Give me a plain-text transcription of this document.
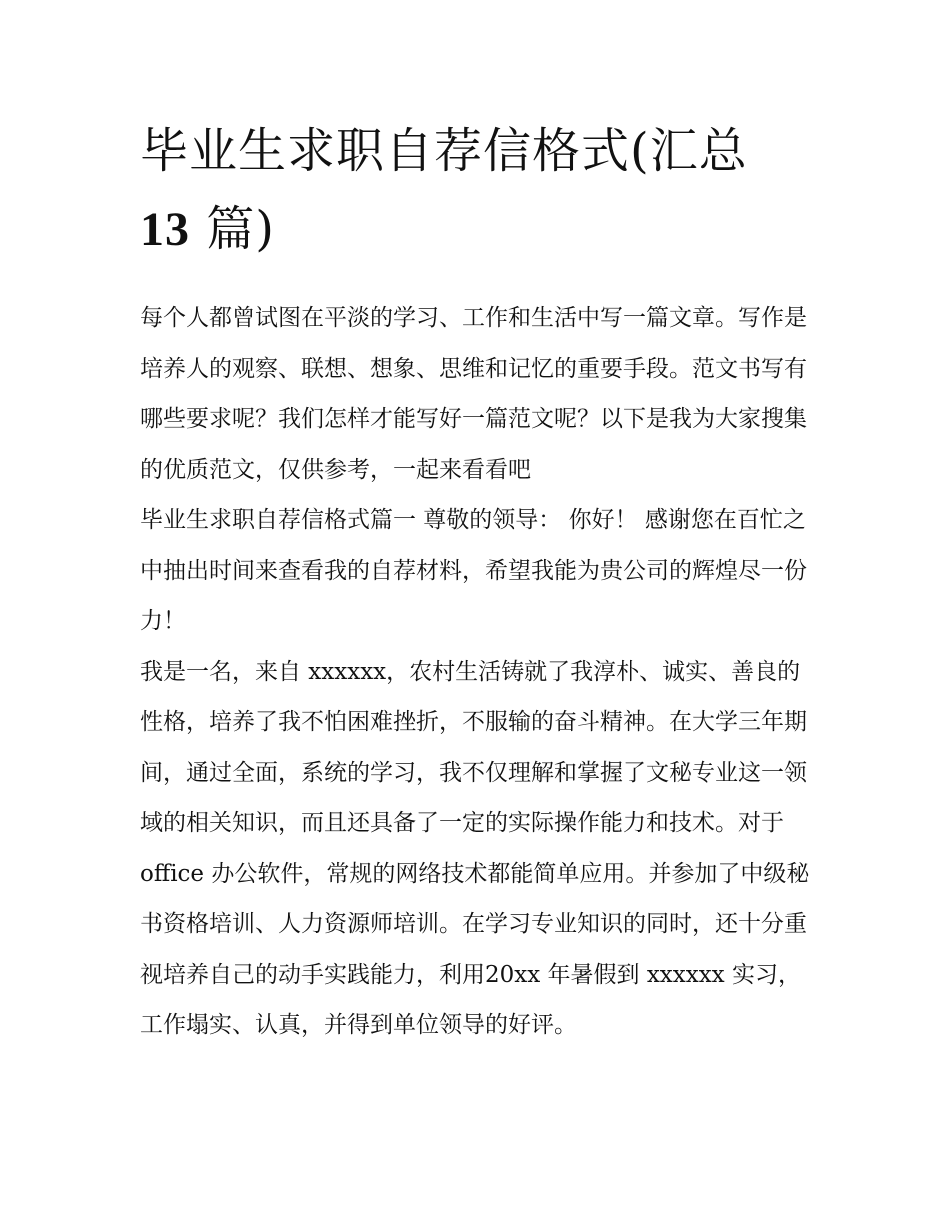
毕业生求职自荐信格式(汇总
13 篇)

每个人都曾试图在平淡的学习、工作和生活中写一篇文章。写作是培养人的观察、联想、想象、思维和记忆的重要手段。范文书写有哪些要求呢？我们怎样才能写好一篇范文呢？以下是我为大家搜集的优质范文，仅供参考，一起来看看吧

毕业生求职自荐信格式篇一 尊敬的领导： 你好！ 感谢您在百忙之中抽出时间来查看我的自荐材料，希望我能为贵公司的辉煌尽一份力！

我是一名，来自 xxxxxx，农村生活铸就了我淳朴、诚实、善良的性格，培养了我不怕困难挫折，不服输的奋斗精神。在大学三年期间，通过全面，系统的学习，我不仅理解和掌握了文秘专业这一领域的相关知识，而且还具备了一定的实际操作能力和技术。对于 office 办公软件，常规的网络技术都能简单应用。并参加了中级秘书资格培训、人力资源师培训。在学习专业知识的同时，还十分重视培养自己的动手实践能力，利用20xx 年暑假到 xxxxxx 实习，工作塌实、认真，并得到单位领导的好评。
